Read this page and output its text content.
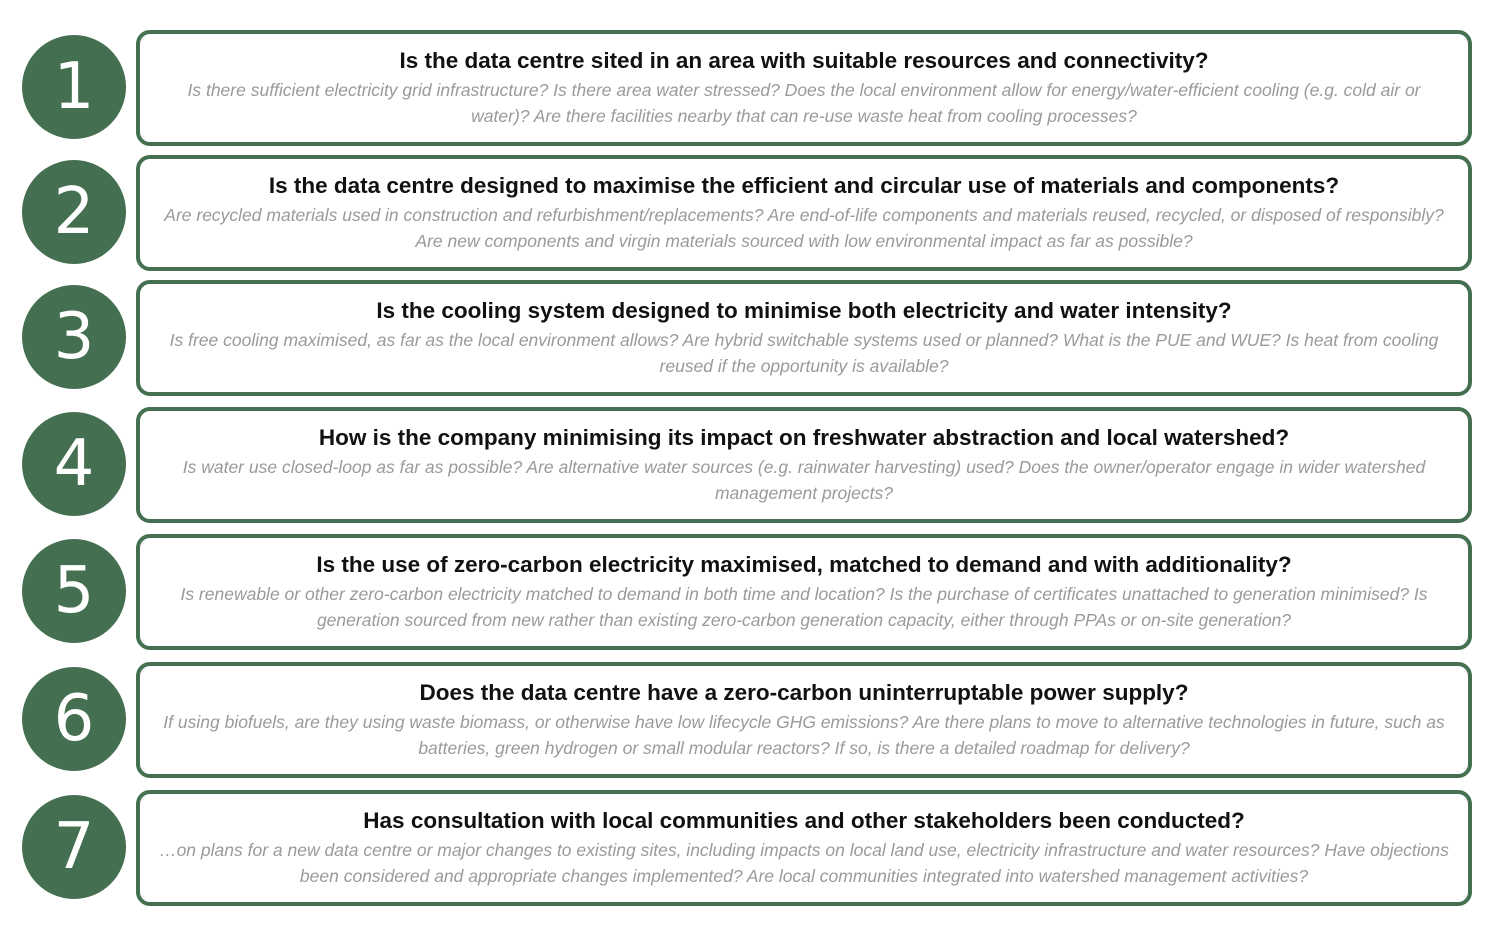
1	Is the data centre sited in an area with suitable resources and connectivity?
Is there sufficient electricity grid infrastructure? Is there area water stressed? Does the local environment allow for energy/water-efficient cooling (e.g. cold air or water)? Are there facilities nearby that can re-use waste heat from cooling processes?
2	Is the data centre designed to maximise the efficient and circular use of materials and components?
Are recycled materials used in construction and refurbishment/replacements? Are end-of-life components and materials reused, recycled, or disposed of responsibly? Are new components and virgin materials sourced with low environmental impact as far as possible?
3	Is the cooling system designed to minimise both electricity and water intensity?
Is free cooling maximised, as far as the local environment allows? Are hybrid switchable systems used or planned? What is the PUE and WUE? Is heat from cooling reused if the opportunity is available?
4	How is the company minimising its impact on freshwater abstraction and local watershed?
Is water use closed-loop as far as possible? Are alternative water sources (e.g. rainwater harvesting) used? Does the owner/operator engage in wider watershed management projects?
5	Is the use of zero-carbon electricity maximised, matched to demand and with additionality?
Is renewable or other zero-carbon electricity matched to demand in both time and location? Is the purchase of certificates unattached to generation minimised? Is generation sourced from new rather than existing zero-carbon generation capacity, either through PPAs or on-site generation?
6	Does the data centre have a zero-carbon uninterruptable power supply?
If using biofuels, are they using waste biomass, or otherwise have low lifecycle GHG emissions? Are there plans to move to alternative technologies in future, such as batteries, green hydrogen or small modular reactors? If so, is there a detailed roadmap for delivery?
7	Has consultation with local communities and other stakeholders been conducted?
…on plans for a new data centre or major changes to existing sites, including impacts on local land use, electricity infrastructure and water resources? Have objections been considered and appropriate changes implemented? Are local communities integrated into watershed management activities?
